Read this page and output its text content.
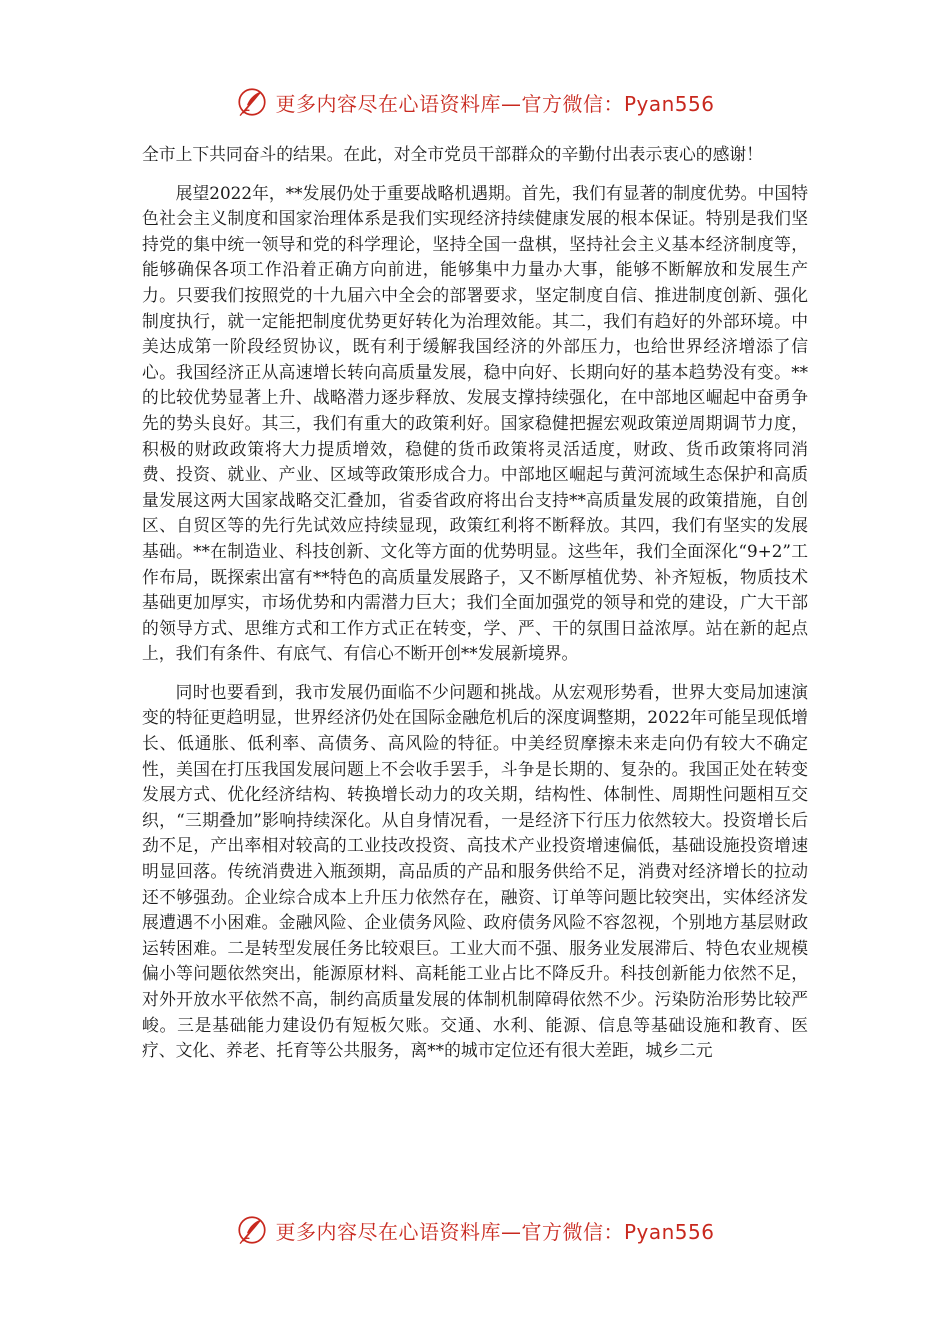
更多内容尽在心语资料库—官方微信：Pyan556

全市上下共同奋斗的结果。在此，对全市党员干部群众的辛勤付出表示衷心的感谢！

展望2022年，**发展仍处于重要战略机遇期。首先，我们有显著的制度优势。中国特色社会主义制度和国家治理体系是我们实现经济持续健康发展的根本保证。特别是我们坚持党的集中统一领导和党的科学理论，坚持全国一盘棋，坚持社会主义基本经济制度等，能够确保各项工作沿着正确方向前进，能够集中力量办大事，能够不断解放和发展生产力。只要我们按照党的十九届六中全会的部署要求，坚定制度自信、推进制度创新、强化制度执行，就一定能把制度优势更好转化为治理效能。其二，我们有趋好的外部环境。中美达成第一阶段经贸协议，既有利于缓解我国经济的外部压力，也给世界经济增添了信心。我国经济正从高速增长转向高质量发展，稳中向好、长期向好的基本趋势没有变。**的比较优势显著上升、战略潜力逐步释放、发展支撑持续强化，在中部地区崛起中奋勇争先的势头良好。其三，我们有重大的政策利好。国家稳健把握宏观政策逆周期调节力度，积极的财政政策将大力提质增效，稳健的货币政策将灵活适度，财政、货币政策将同消费、投资、就业、产业、区域等政策形成合力。中部地区崛起与黄河流域生态保护和高质量发展这两大国家战略交汇叠加，省委省政府将出台支持**高质量发展的政策措施，自创区、自贸区等的先行先试效应持续显现，政策红利将不断释放。其四，我们有坚实的发展基础。**在制造业、科技创新、文化等方面的优势明显。这些年，我们全面深化“9+2”工作布局，既探索出富有**特色的高质量发展路子，又不断厚植优势、补齐短板，物质技术基础更加厚实，市场优势和内需潜力巨大；我们全面加强党的领导和党的建设，广大干部的领导方式、思维方式和工作方式正在转变，学、严、干的氛围日益浓厚。站在新的起点上，我们有条件、有底气、有信心不断开创**发展新境界。

同时也要看到，我市发展仍面临不少问题和挑战。从宏观形势看，世界大变局加速演变的特征更趋明显，世界经济仍处在国际金融危机后的深度调整期，2022年可能呈现低增长、低通胀、低利率、高债务、高风险的特征。中美经贸摩擦未来走向仍有较大不确定性，美国在打压我国发展问题上不会收手罢手，斗争是长期的、复杂的。我国正处在转变发展方式、优化经济结构、转换增长动力的攻关期，结构性、体制性、周期性问题相互交织，“三期叠加”影响持续深化。从自身情况看，一是经济下行压力依然较大。投资增长后劲不足，产出率相对较高的工业技改投资、高技术产业投资增速偏低，基础设施投资增速明显回落。传统消费进入瓶颈期，高品质的产品和服务供给不足，消费对经济增长的拉动还不够强劲。企业综合成本上升压力依然存在，融资、订单等问题比较突出，实体经济发展遭遇不小困难。金融风险、企业债务风险、政府债务风险不容忽视，个别地方基层财政运转困难。二是转型发展任务比较艰巨。工业大而不强、服务业发展滞后、特色农业规模偏小等问题依然突出，能源原材料、高耗能工业占比不降反升。科技创新能力依然不足，对外开放水平依然不高，制约高质量发展的体制机制障碍依然不少。污染防治形势比较严峻。三是基础能力建设仍有短板欠账。交通、水利、能源、信息等基础设施和教育、医疗、文化、养老、托育等公共服务，离**的城市定位还有很大差距，城乡二元

更多内容尽在心语资料库—官方微信：Pyan556
